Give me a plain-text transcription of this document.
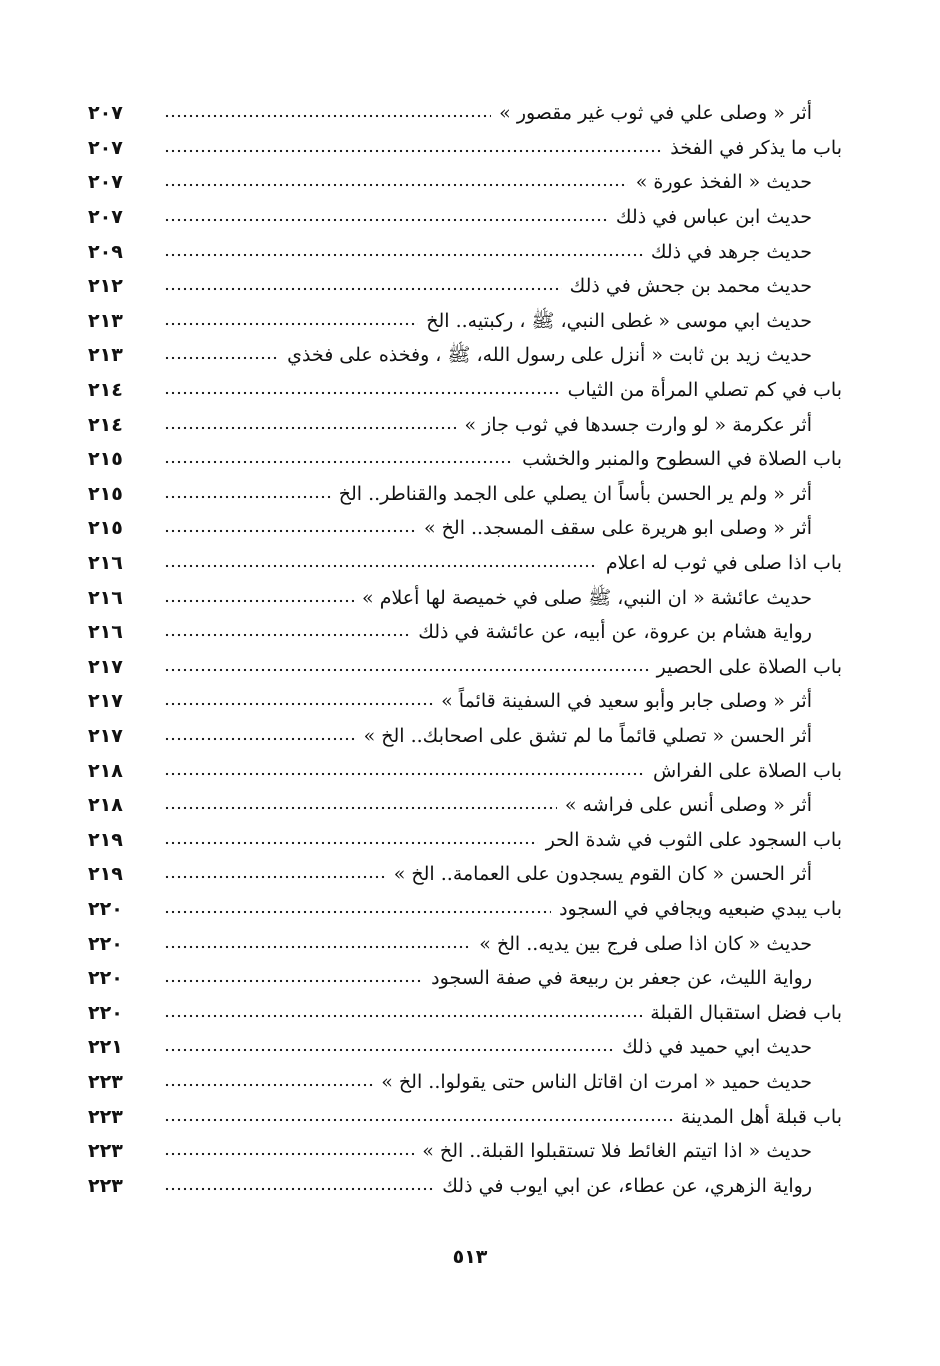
أثر « وصلى علي في ثوب غير مقصور »
٢٠٧
باب ما يذكر في الفخذ
٢٠٧
حديث « الفخذ عورة »
٢٠٧
حديث ابن عباس في ذلك
٢٠٧
حديث جرهد في ذلك
٢٠٩
حديث محمد بن جحش في ذلك
٢١٢
حديث ابي موسى « غطى النبي، ﷺ ، ركبتيه.. الخ
٢١٣
حديث زيد بن ثابت « أنزل على رسول الله، ﷺ ، وفخذه على فخذي
٢١٣
باب في كم تصلي المرأة من الثياب
٢١٤
أثر عكرمة « لو وارت جسدها في ثوب جاز »
٢١٤
باب الصلاة في السطوح والمنبر والخشب
٢١٥
أثر « ولم ير الحسن بأساً ان يصلي على الجمد والقناطر.. الخ
٢١٥
أثر « وصلى ابو هريرة على سقف المسجد.. الخ »
٢١٥
باب اذا صلى في ثوب له اعلام
٢١٦
حديث عائشة « ان النبي، ﷺ صلى في خميصة لها أعلام »
٢١٦
رواية هشام بن عروة، عن أبيه، عن عائشة في ذلك
٢١٦
باب الصلاة على الحصير
٢١٧
أثر « وصلى جابر وأبو سعيد في السفينة قائماً »
٢١٧
أثر الحسن « تصلي قائماً ما لم تشق على اصحابك.. الخ »
٢١٧
باب الصلاة على الفراش
٢١٨
أثر « وصلى أنس على فراشه »
٢١٨
باب السجود على الثوب في شدة الحر
٢١٩
أثر الحسن « كان القوم يسجدون على العمامة.. الخ »
٢١٩
باب يبدي ضبعيه ويجافي في السجود
٢٢٠
حديث « كان اذا صلى فرج بين يديه.. الخ »
٢٢٠
رواية الليث، عن جعفر بن ربيعة في صفة السجود
٢٢٠
باب فضل استقبال القبلة
٢٢٠
حديث ابي حميد في ذلك
٢٢١
حديث حميد « امرت ان اقاتل الناس حتى يقولوا.. الخ »
٢٢٣
باب قبلة أهل المدينة
٢٢٣
حديث « اذا اتيتم الغائط فلا تستقبلوا القبلة.. الخ »
٢٢٣
رواية الزهري، عن عطاء، عن ابي ايوب في ذلك
٢٢٣
٥١٣
